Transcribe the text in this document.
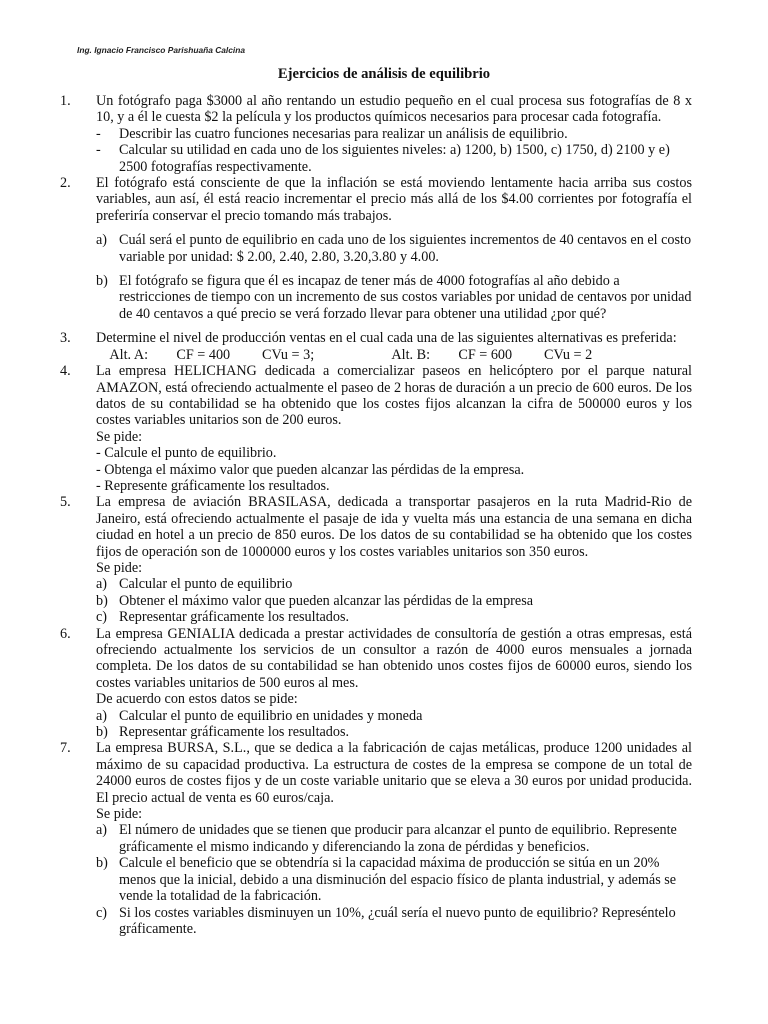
Ing. Ignacio Francisco Parishuaña Calcina
Ejercicios de análisis de equilibrio
1.	Un fotógrafo paga $3000 al año rentando un estudio pequeño en el cual procesa sus fotografías de 8 x 10, y a él le cuesta $2 la película y los productos químicos necesarios para procesar cada fotografía.
- Describir las cuatro funciones necesarias para realizar un análisis de equilibrio.
- Calcular su utilidad en cada uno de los siguientes niveles: a) 1200, b) 1500, c) 1750, d) 2100 y e) 2500 fotografías respectivamente.
2.	El fotógrafo está consciente de que la inflación se está moviendo lentamente hacia arriba sus costos variables, aun así, él está reacio incrementar el precio más allá de los $4.00 corrientes por fotografía el preferiría conservar el precio tomando más trabajos.
a) Cuál será el punto de equilibrio en cada uno de los siguientes incrementos de 40 centavos en el costo variable por unidad: $ 2.00, 2.40, 2.80, 3.20,3.80 y 4.00.
b) El fotógrafo se figura que él es incapaz de tener más de 4000 fotografías al año debido a restricciones de tiempo con un incremento de sus costos variables por unidad de centavos por unidad de 40 centavos a qué precio se verá forzado llevar para obtener una utilidad ¿por qué?
3.	Determine el nivel de producción ventas en el cual cada una de las siguientes alternativas es preferida:
Alt. A:        CF = 400         CVu = 3;                      Alt. B:        CF = 600         CVu = 2
4.	La empresa HELICHANG dedicada a comercializar paseos en helicóptero por el parque natural AMAZON, está ofreciendo actualmente el paseo de 2 horas de duración a un precio de 600 euros. De los datos de su contabilidad se ha obtenido que los costes fijos alcanzan la cifra de 500000 euros y los costes variables unitarios son de 200 euros.
Se pide:
- Calcule el punto de equilibrio.
- Obtenga el máximo valor que pueden alcanzar las pérdidas de la empresa.
- Represente gráficamente los resultados.
5.	La empresa de aviación BRASILASA, dedicada a transportar pasajeros en la ruta Madrid-Rio de Janeiro, está ofreciendo actualmente el pasaje de ida y vuelta más una estancia de una semana en dicha ciudad en hotel a un precio de 850 euros. De los datos de su contabilidad se ha obtenido que los costes fijos de operación son de 1000000 euros y los costes variables unitarios son 350 euros.
Se pide:
a) Calcular el punto de equilibrio
b) Obtener el máximo valor que pueden alcanzar las pérdidas de la empresa
c) Representar gráficamente los resultados.
6.	La empresa GENIALIA dedicada a prestar actividades de consultoría de gestión a otras empresas, está ofreciendo actualmente los servicios de un consultor a razón de 4000 euros mensuales a jornada completa. De los datos de su contabilidad se han obtenido unos costes fijos de 60000 euros, siendo los costes variables unitarios de 500 euros al mes.
De acuerdo con estos datos se pide:
a) Calcular el punto de equilibrio en unidades y moneda
b) Representar gráficamente los resultados.
7.	La empresa BURSA, S.L., que se dedica a la fabricación de cajas metálicas, produce 1200 unidades al máximo de su capacidad productiva. La estructura de costes de la empresa se compone de un total de 24000 euros de costes fijos y de un coste variable unitario que se eleva a 30 euros por unidad producida. El precio actual de venta es 60 euros/caja.
Se pide:
a) El número de unidades que se tienen que producir para alcanzar el punto de equilibrio. Represente gráficamente el mismo indicando y diferenciando la zona de pérdidas y beneficios.
b) Calcule el beneficio que se obtendría si la capacidad máxima de producción se sitúa en un 20% menos que la inicial, debido a una disminución del espacio físico de planta industrial, y además se vende la totalidad de la fabricación.
c) Si los costes variables disminuyen un 10%, ¿cuál sería el nuevo punto de equilibrio? Represéntelo gráficamente.
